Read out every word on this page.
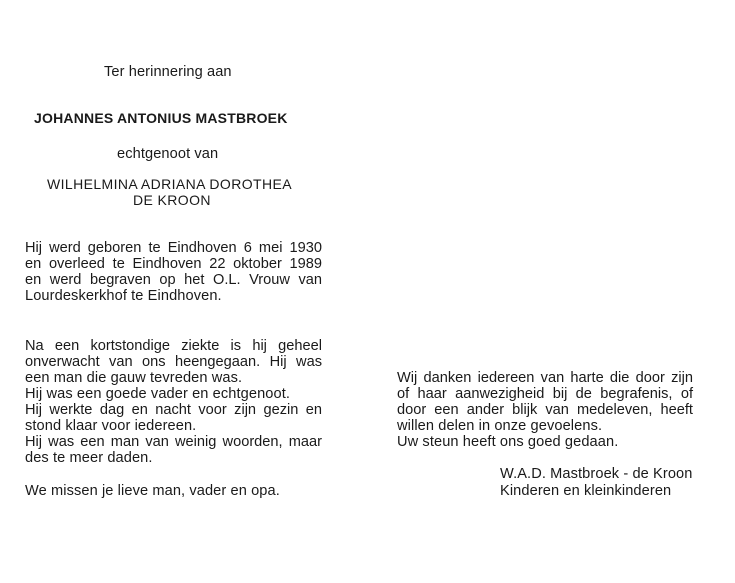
Ter herinnering aan
JOHANNES ANTONIUS MASTBROEK
echtgenoot van
WILHELMINA ADRIANA DOROTHEA
DE KROON
Hij werd geboren te Eindhoven 6 mei 1930
en overleed te Eindhoven 22 oktober 1989
en werd begraven op het O.L. Vrouw van
Lourdeskerkhof te Eindhoven.
Na een kortstondige ziekte is hij geheel
onverwacht van ons heengegaan. Hij was
een man die gauw tevreden was.
Hij was een goede vader en echtgenoot.
Hij werkte dag en nacht voor zijn gezin en
stond klaar voor iedereen.
Hij was een man van weinig woorden, maar
des te meer daden.
We missen je lieve man, vader en opa.
Wij danken iedereen van harte die door zijn
of haar aanwezigheid bij de begrafenis, of
door een ander blijk van medeleven, heeft
willen delen in onze gevoelens.
Uw steun heeft ons goed gedaan.
W.A.D. Mastbroek - de Kroon
Kinderen en kleinkinderen
